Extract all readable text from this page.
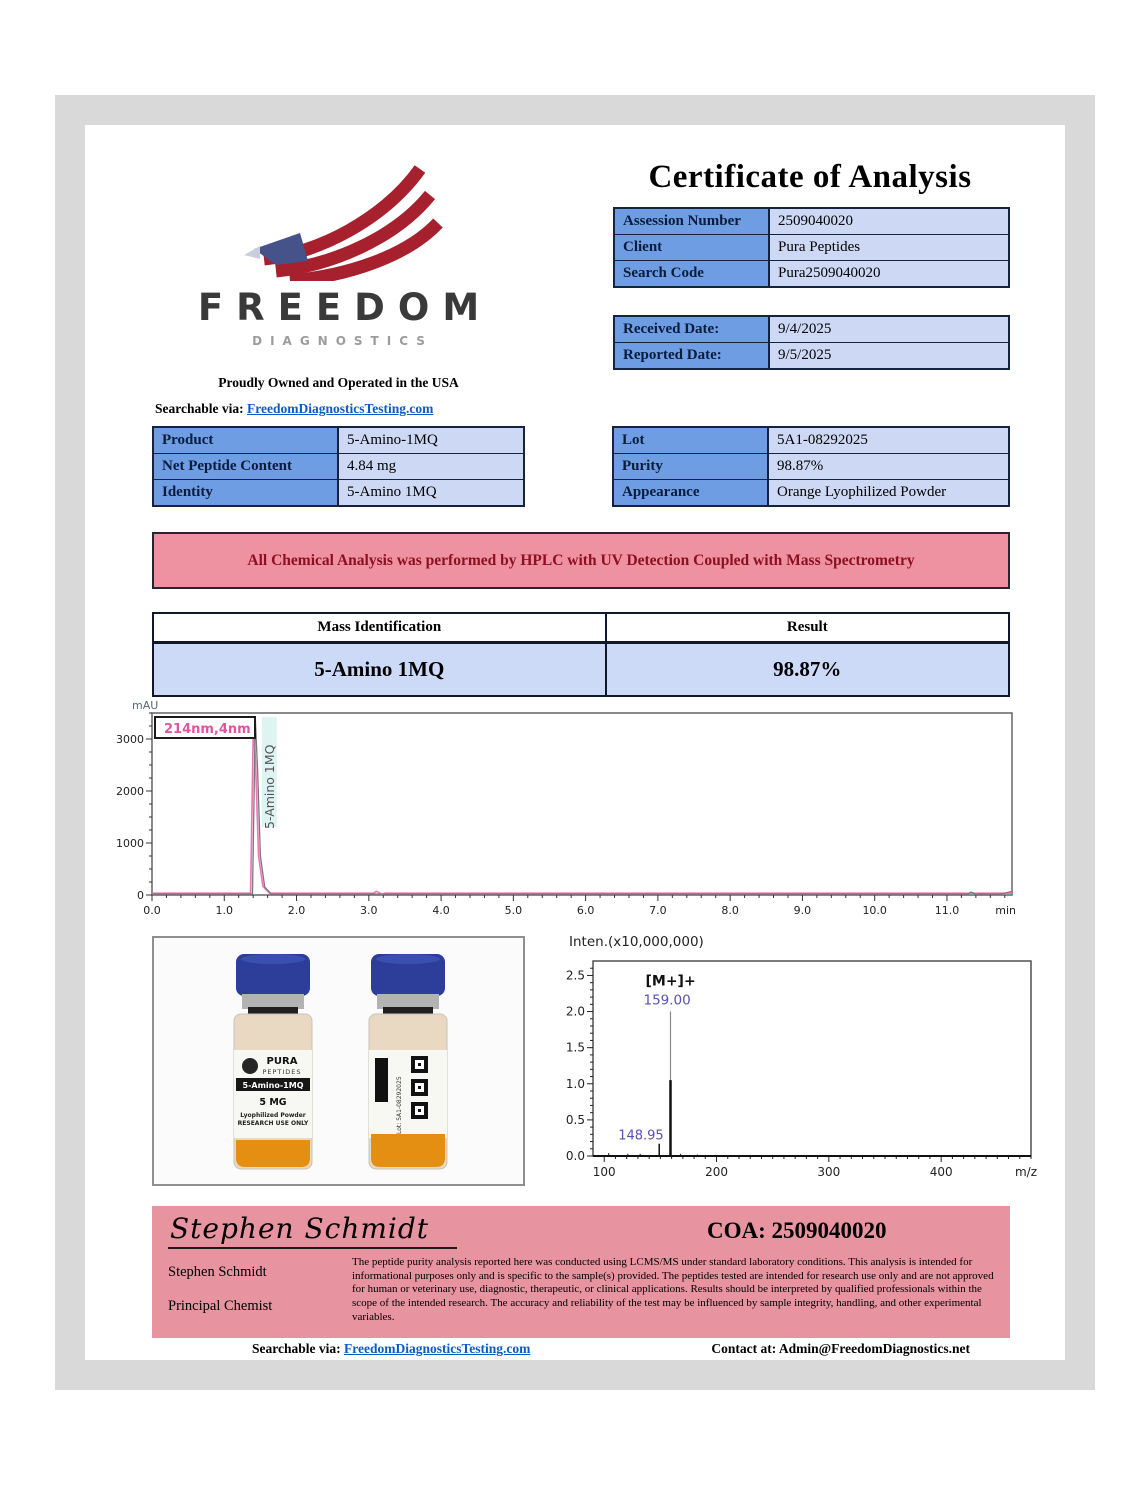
FREEDOM
DIAGNOSTICS
Certificate of Analysis
Assession Number	2509040020
Client	Pura Peptides
Search Code	Pura2509040020
Received Date:	9/4/2025
Reported Date:	9/5/2025
Proudly Owned and Operated in the USA
Searchable via: FreedomDiagnosticsTesting.com
Product	5-Amino-1MQ
Net Peptide Content	4.84 mg
Identity	5-Amino 1MQ
Lot	5A1-08292025
Purity	98.87%
Appearance	Orange Lyophilized Powder
All Chemical Analysis was performed by HPLC with UV Detection Coupled with Mass Spectrometry
Mass Identification	Result
5-Amino 1MQ	98.87%
mAU
0
1000
2000
3000
0.0	1.0	2.0	3.0	4.0	5.0	6.0	7.0	8.0	9.0	10.0	11.0	min
214nm,4nm
5-Amino 1MQ
PURA
PEPTIDES
5-Amino-1MQ
5 MG
Lyophilized Powder
RESEARCH USE ONLY	Lot: 5A1-08292025
Inten.(x10,000,000)
0.0
0.5
1.0
1.5
2.0
2.5
100	200	300	400	m/z
[M+]+
159.00
148.95
Stephen Schmidt	COA: 2509040020
Stephen Schmidt
Principal Chemist
The peptide purity analysis reported here was conducted using LCMS/MS under standard laboratory conditions. This analysis is intended for informational purposes only and is specific to the sample(s) provided. The peptides tested are intended for research use only and are not approved for human or veterinary use, diagnostic, therapeutic, or clinical applications. Results should be interpreted by qualified professionals within the scope of the intended research. The accuracy and reliability of the test may be influenced by sample integrity, handling, and other experimental variables.
Searchable via: FreedomDiagnosticsTesting.com	Contact at: Admin@FreedomDiagnostics.net
